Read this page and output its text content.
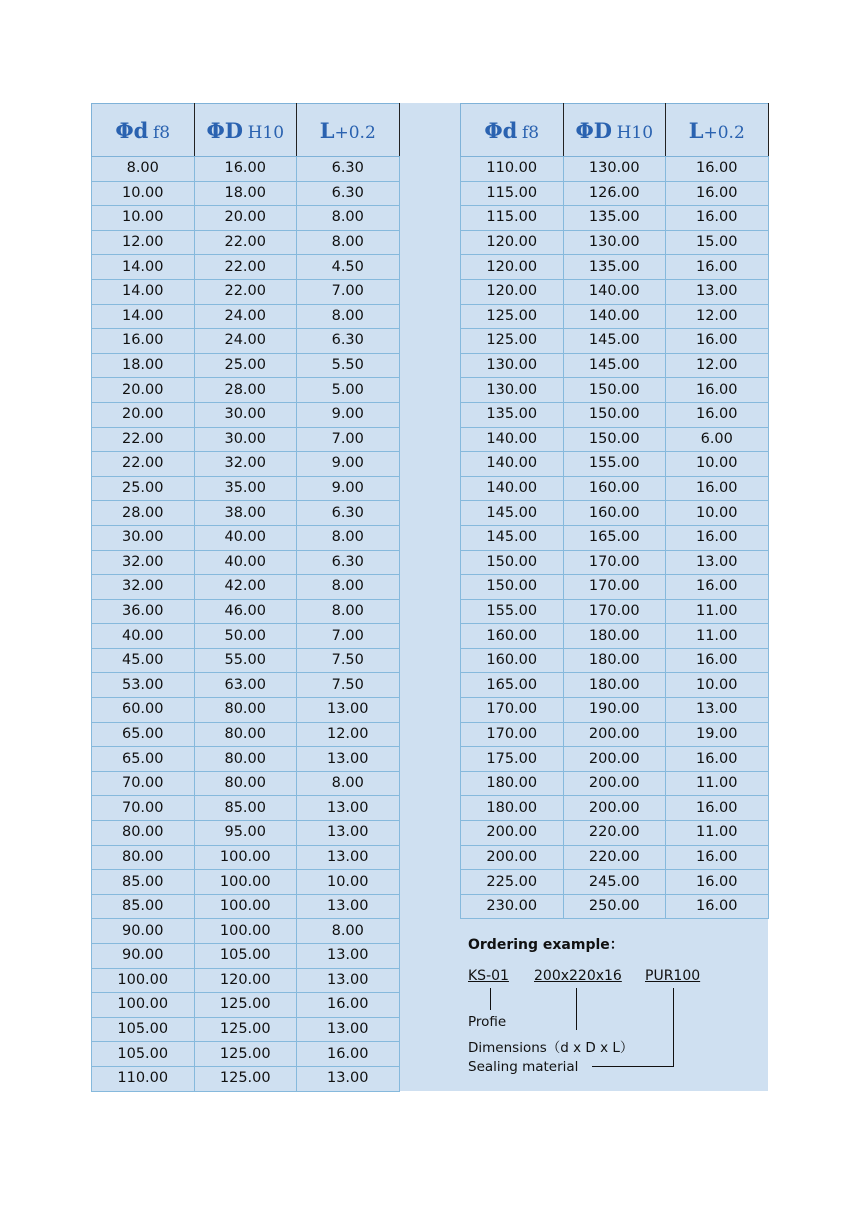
Φd f8	ΦD H10	L+0.2
8.00	16.00	6.30
10.00	18.00	6.30
10.00	20.00	8.00
12.00	22.00	8.00
14.00	22.00	4.50
14.00	22.00	7.00
14.00	24.00	8.00
16.00	24.00	6.30
18.00	25.00	5.50
20.00	28.00	5.00
20.00	30.00	9.00
22.00	30.00	7.00
22.00	32.00	9.00
25.00	35.00	9.00
28.00	38.00	6.30
30.00	40.00	8.00
32.00	40.00	6.30
32.00	42.00	8.00
36.00	46.00	8.00
40.00	50.00	7.00
45.00	55.00	7.50
53.00	63.00	7.50
60.00	80.00	13.00
65.00	80.00	12.00
65.00	80.00	13.00
70.00	80.00	8.00
70.00	85.00	13.00
80.00	95.00	13.00
80.00	100.00	13.00
85.00	100.00	10.00
85.00	100.00	13.00
90.00	100.00	8.00
90.00	105.00	13.00
100.00	120.00	13.00
100.00	125.00	16.00
105.00	125.00	13.00
105.00	125.00	16.00
110.00	125.00	13.00
Φd f8	ΦD H10	L+0.2
110.00	130.00	16.00
115.00	126.00	16.00
115.00	135.00	16.00
120.00	130.00	15.00
120.00	135.00	16.00
120.00	140.00	13.00
125.00	140.00	12.00
125.00	145.00	16.00
130.00	145.00	12.00
130.00	150.00	16.00
135.00	150.00	16.00
140.00	150.00	6.00
140.00	155.00	10.00
140.00	160.00	16.00
145.00	160.00	10.00
145.00	165.00	16.00
150.00	170.00	13.00
150.00	170.00	16.00
155.00	170.00	11.00
160.00	180.00	11.00
160.00	180.00	16.00
165.00	180.00	10.00
170.00	190.00	13.00
170.00	200.00	19.00
175.00	200.00	16.00
180.00	200.00	11.00
180.00	200.00	16.00
200.00	220.00	11.00
200.00	220.00	16.00
225.00	245.00	16.00
230.00	250.00	16.00
Ordering example：
KS-01 200x220x16 PUR100
Profie
Dimensions（d x D x L）
Sealing material
